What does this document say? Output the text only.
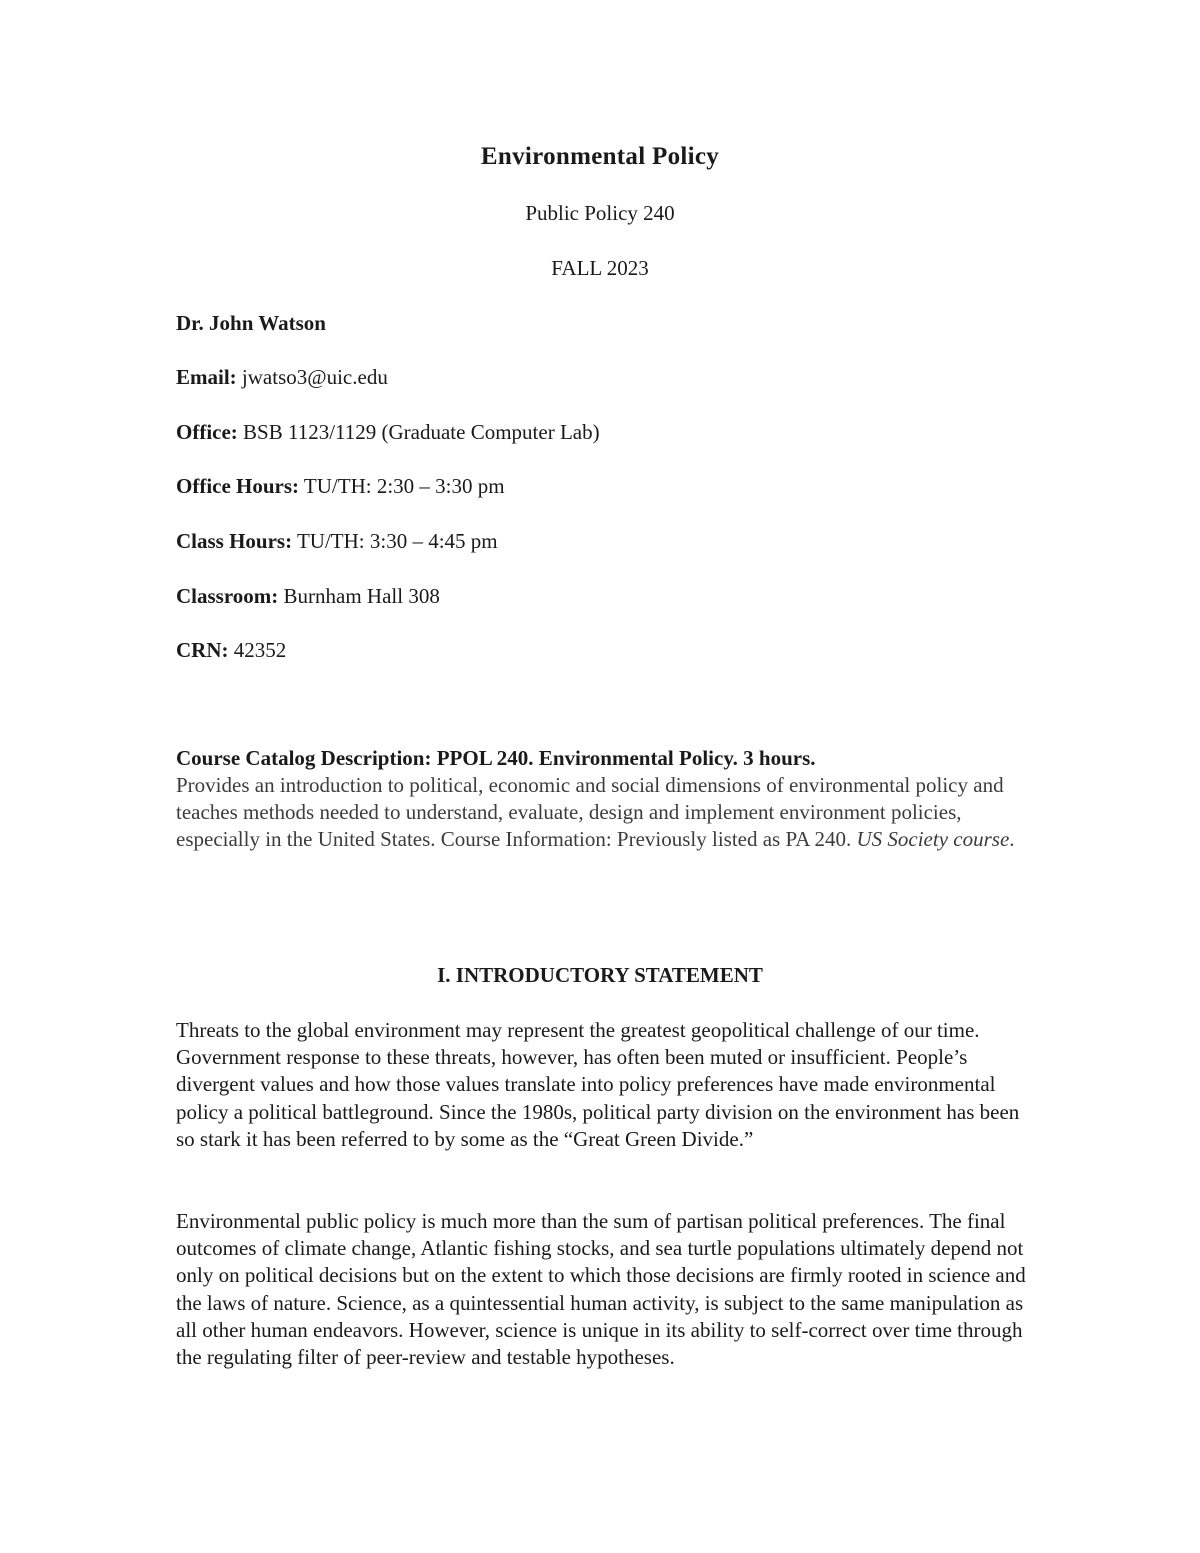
Environmental Policy
Public Policy 240
FALL 2023
Dr. John Watson
Email: jwatso3@uic.edu
Office: BSB 1123/1129 (Graduate Computer Lab)
Office Hours: TU/TH: 2:30 – 3:30 pm
Class Hours: TU/TH: 3:30 – 4:45 pm
Classroom: Burnham Hall 308
CRN: 42352
Course Catalog Description: PPOL 240. Environmental Policy. 3 hours.
Provides an introduction to political, economic and social dimensions of environmental policy and teaches methods needed to understand, evaluate, design and implement environment policies, especially in the United States. Course Information: Previously listed as PA 240. US Society course.
I. INTRODUCTORY STATEMENT
Threats to the global environment may represent the greatest geopolitical challenge of our time. Government response to these threats, however, has often been muted or insufficient. People’s divergent values and how those values translate into policy preferences have made environmental policy a political battleground. Since the 1980s, political party division on the environment has been so stark it has been referred to by some as the “Great Green Divide.”
Environmental public policy is much more than the sum of partisan political preferences. The final outcomes of climate change, Atlantic fishing stocks, and sea turtle populations ultimately depend not only on political decisions but on the extent to which those decisions are firmly rooted in science and the laws of nature. Science, as a quintessential human activity, is subject to the same manipulation as all other human endeavors. However, science is unique in its ability to self-correct over time through the regulating filter of peer-review and testable hypotheses.
